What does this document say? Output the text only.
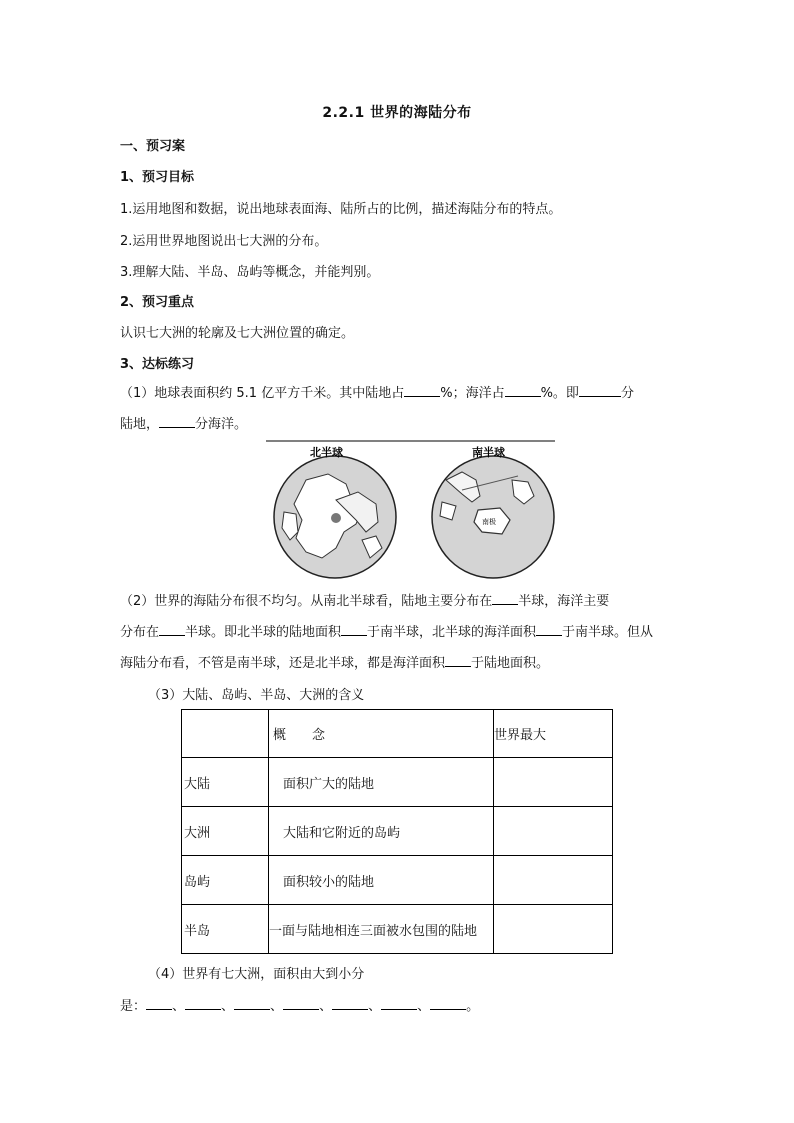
2.2.1 世界的海陆分布
一、预习案
1、预习目标
1.运用地图和数据，说出地球表面海、陆所占的比例，描述海陆分布的特点。
2.运用世界地图说出七大洲的分布。
3.理解大陆、半岛、岛屿等概念，并能判别。
2、预习重点
认识七大洲的轮廓及七大洲位置的确定。
3、达标练习
（1）地球表面积约 5.1 亿平方千米。其中陆地占	%；海洋占	%。即	分
陆地，	分海洋。
北半球	南半球
南极
（2）世界的海陆分布很不均匀。从南北半球看，陆地主要分布在 半球，海洋主要
分布在 半球。即北半球的陆地面积 于南半球，北半球的海洋面积 于南半球。但从
海陆分布看，不管是南半球，还是北半球，都是海洋面积 于陆地面积。
（3）大陆、岛屿、半岛、大洲的含义
	概　　念	世界最大
大陆	面积广大的陆地	
大洲	大陆和它附近的岛屿	
岛屿	面积较小的陆地	
半岛	一面与陆地相连三面被水包围的陆地	
（4）世界有七大洲，面积由大到小分
是： 、	、	、	、	、	、	。
